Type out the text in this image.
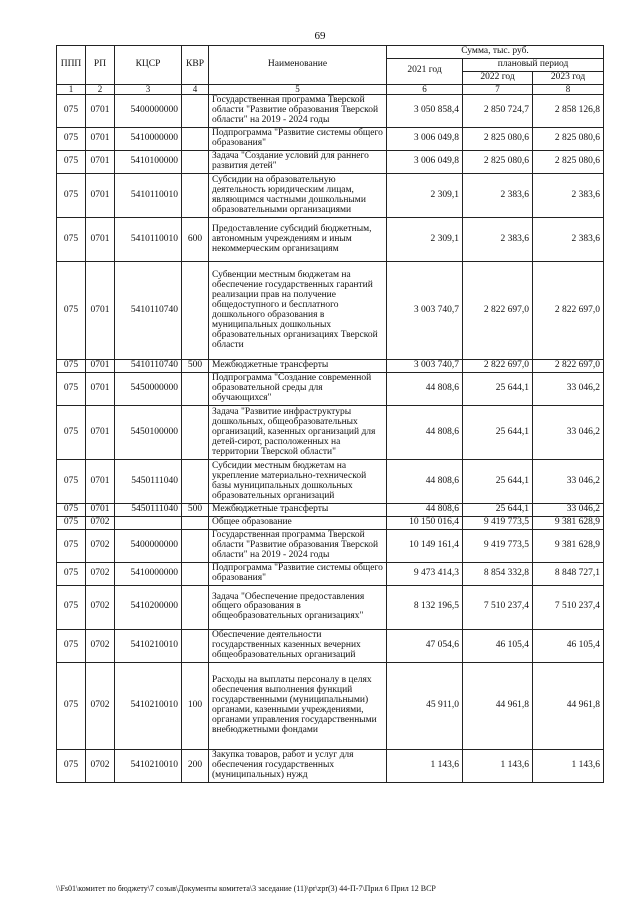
69
ППП	РП	КЦСР	КВР	Наименование	Сумма, тыс. руб.		
					2021 год	плановый период	
						2022 год	2023 год
1	2	3	4	5	6	7	8
075	0701	5400000000		Государственная программа Тверской области "Развитие образования Тверской области" на 2019 - 2024 годы	3 050 858,4	2 850 724,7	2 858 126,8
075	0701	5410000000		Подпрограмма "Развитие системы общего образования"	3 006 049,8	2 825 080,6	2 825 080,6
075	0701	5410100000		Задача "Создание условий для раннего развития детей"	3 006 049,8	2 825 080,6	2 825 080,6
075	0701	5410110010		Субсидии на образовательную деятельность юридическим лицам, являющимся частными дошкольными образовательными организациями	2 309,1	2 383,6	2 383,6
075	0701	5410110010	600	Предоставление субсидий бюджетным, автономным учреждениям и иным некоммерческим организациям	2 309,1	2 383,6	2 383,6
075	0701	5410110740		Субвенции местным бюджетам на обеспечение государственных гарантий реализации прав на получение общедоступного и бесплатного дошкольного образования в муниципальных дошкольных образовательных организациях Тверской области	3 003 740,7	2 822 697,0	2 822 697,0
075	0701	5410110740	500	Межбюджетные трансферты	3 003 740,7	2 822 697,0	2 822 697,0
075	0701	5450000000		Подпрограмма "Создание современной образовательной среды для обучающихся"	44 808,6	25 644,1	33 046,2
075	0701	5450100000		Задача "Развитие инфраструктуры дошкольных, общеобразовательных организаций, казенных организаций для детей-сирот, расположенных на территории Тверской области"	44 808,6	25 644,1	33 046,2
075	0701	5450111040		Субсидии местным бюджетам на укрепление материально-технической базы муниципальных дошкольных образовательных организаций	44 808,6	25 644,1	33 046,2
075	0701	5450111040	500	Межбюджетные трансферты	44 808,6	25 644,1	33 046,2
075	0702			Общее образование	10 150 016,4	9 419 773,5	9 381 628,9
075	0702	5400000000		Государственная программа Тверской области "Развитие образования Тверской области" на 2019 - 2024 годы	10 149 161,4	9 419 773,5	9 381 628,9
075	0702	5410000000		Подпрограмма "Развитие системы общего образования"	9 473 414,3	8 854 332,8	8 848 727,1
075	0702	5410200000		Задача "Обеспечение предоставления общего образования в общеобразовательных организациях"	8 132 196,5	7 510 237,4	7 510 237,4
075	0702	5410210010		Обеспечение деятельности государственных казенных вечерних общеобразовательных организаций	47 054,6	46 105,4	46 105,4
075	0702	5410210010	100	Расходы на выплаты персоналу в целях обеспечения выполнения функций государственными (муниципальными) органами, казенными учреждениями, органами управления государственными внебюджетными фондами	45 911,0	44 961,8	44 961,8
075	0702	5410210010	200	Закупка товаров, работ и услуг для обеспечения государственных (муниципальных) нужд	1 143,6	1 143,6	1 143,6
\\Fs01\комитет по бюджету\7 созыв\Документы комитета\3 заседание (11)\pr\zpr(3) 44-П-7\Прил 6 Прил 12 ВСР
